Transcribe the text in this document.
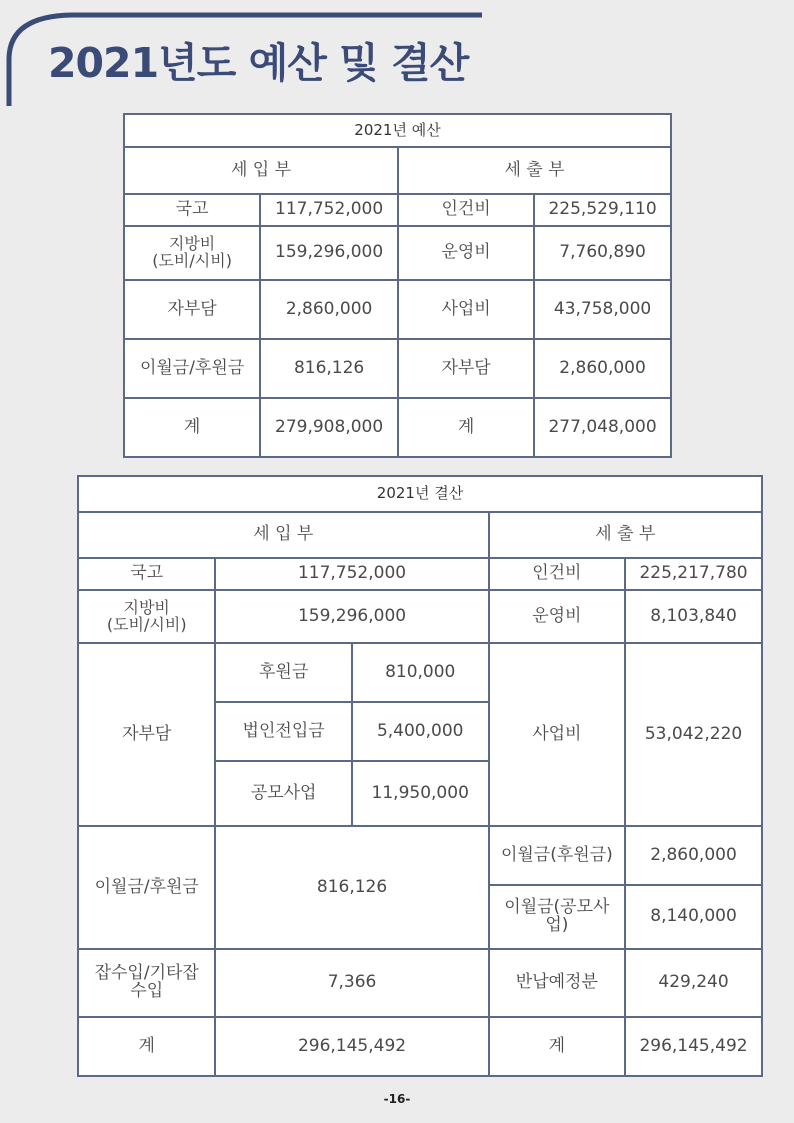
2021년도 예산 및 결산
2021년 예산			
세 입 부		세 출 부	
국고	117,752,000	인건비	225,529,110
지방비
(도비/시비)	159,296,000	운영비	7,760,890
자부담	2,860,000	사업비	43,758,000
이월금/후원금	816,126	자부담	2,860,000
계	279,908,000	계	277,048,000
2021년 결산				
세 입 부			세 출 부	
국고	117,752,000		인건비	225,217,780
지방비
(도비/시비)	159,296,000		운영비	8,103,840
자부담	후원금	810,000	사업비	53,042,220
	법인전입금	5,400,000		
	공모사업	11,950,000		
이월금/후원금	816,126		이월금(후원금)	2,860,000
			이월금(공모사
업)	8,140,000
잡수입/기타잡
수입	7,366		반납예정분	429,240
계	296,145,492		계	296,145,492
-16-
